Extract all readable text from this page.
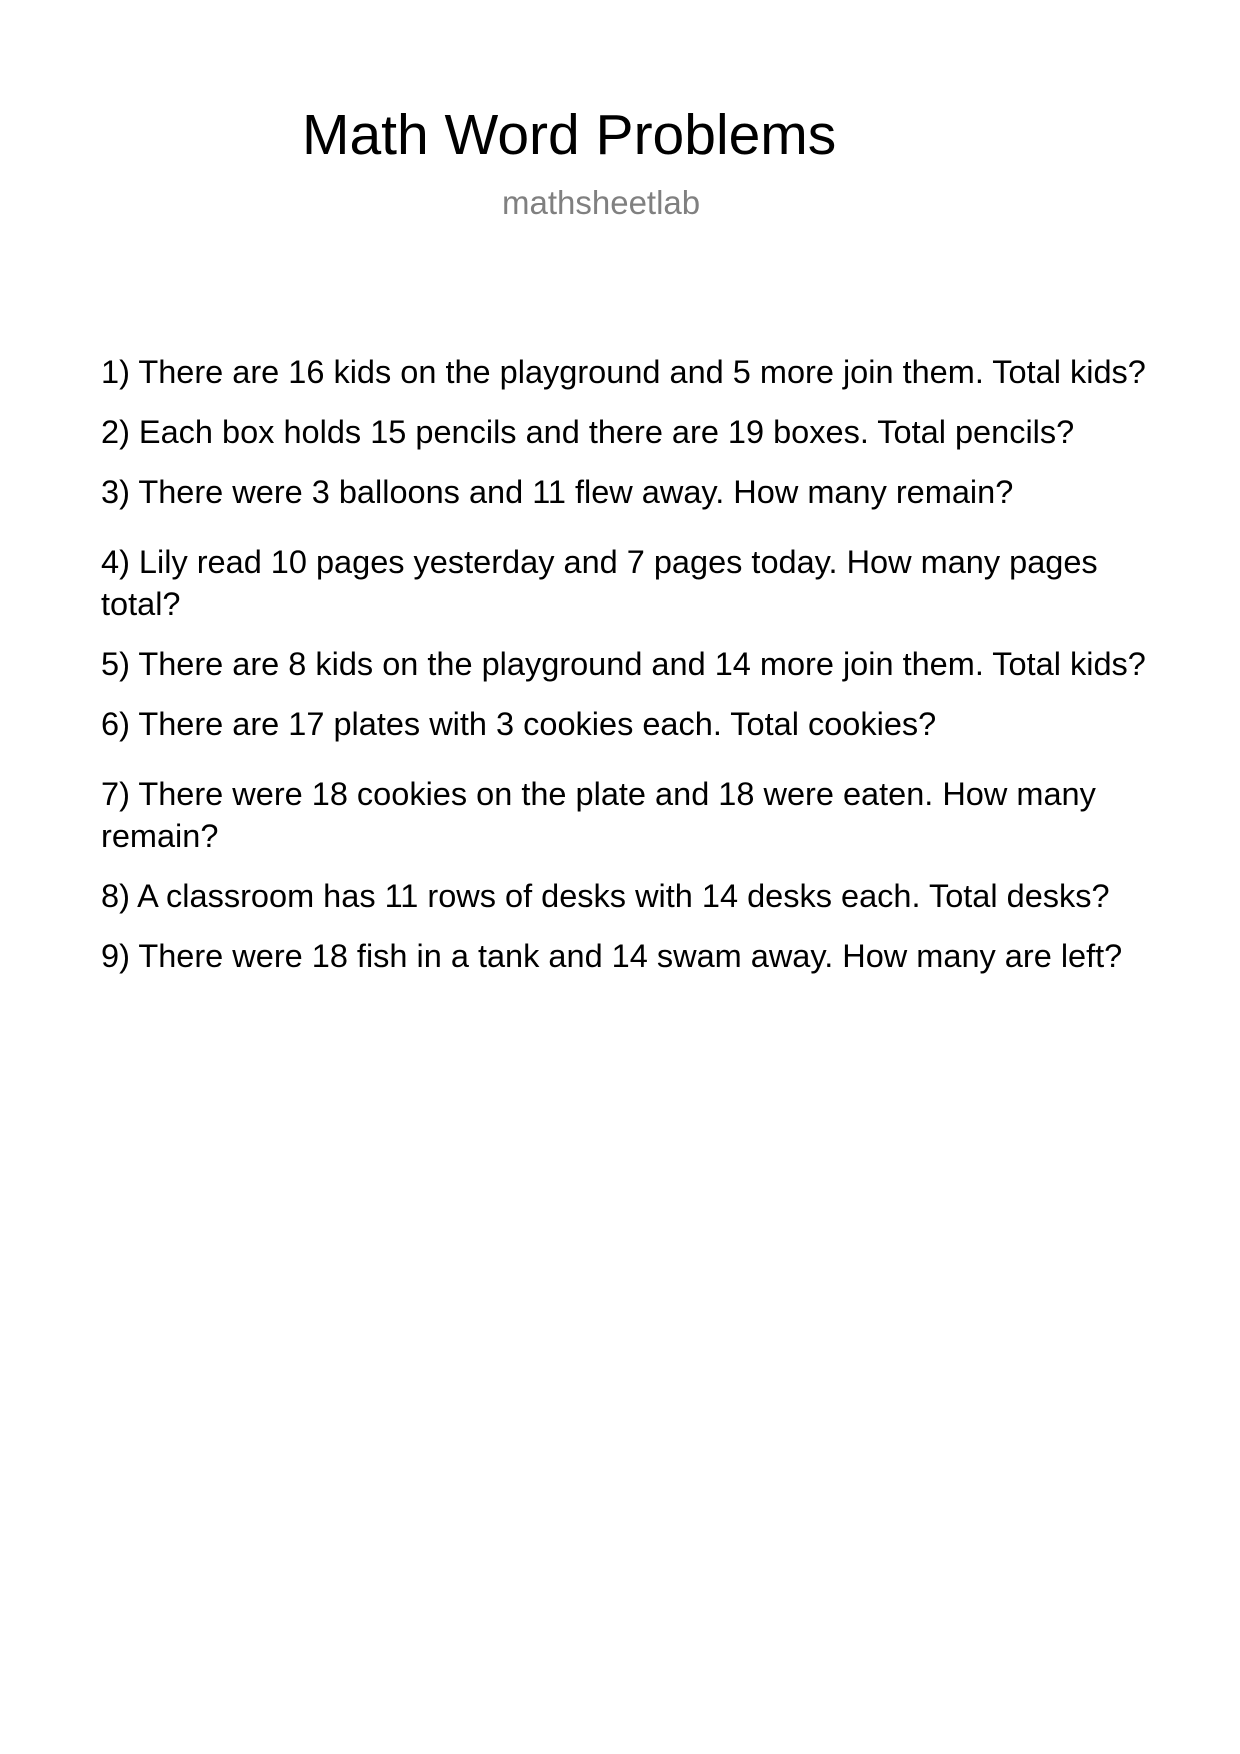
Math Word Problems
mathsheetlab
1) There are 16 kids on the playground and 5 more join them. Total kids?
2) Each box holds 15 pencils and there are 19 boxes. Total pencils?
3) There were 3 balloons and 11 flew away. How many remain?
4) Lily read 10 pages yesterday and 7 pages today. How many pages total?
5) There are 8 kids on the playground and 14 more join them. Total kids?
6) There are 17 plates with 3 cookies each. Total cookies?
7) There were 18 cookies on the plate and 18 were eaten. How many remain?
8) A classroom has 11 rows of desks with 14 desks each. Total desks?
9) There were 18 fish in a tank and 14 swam away. How many are left?
